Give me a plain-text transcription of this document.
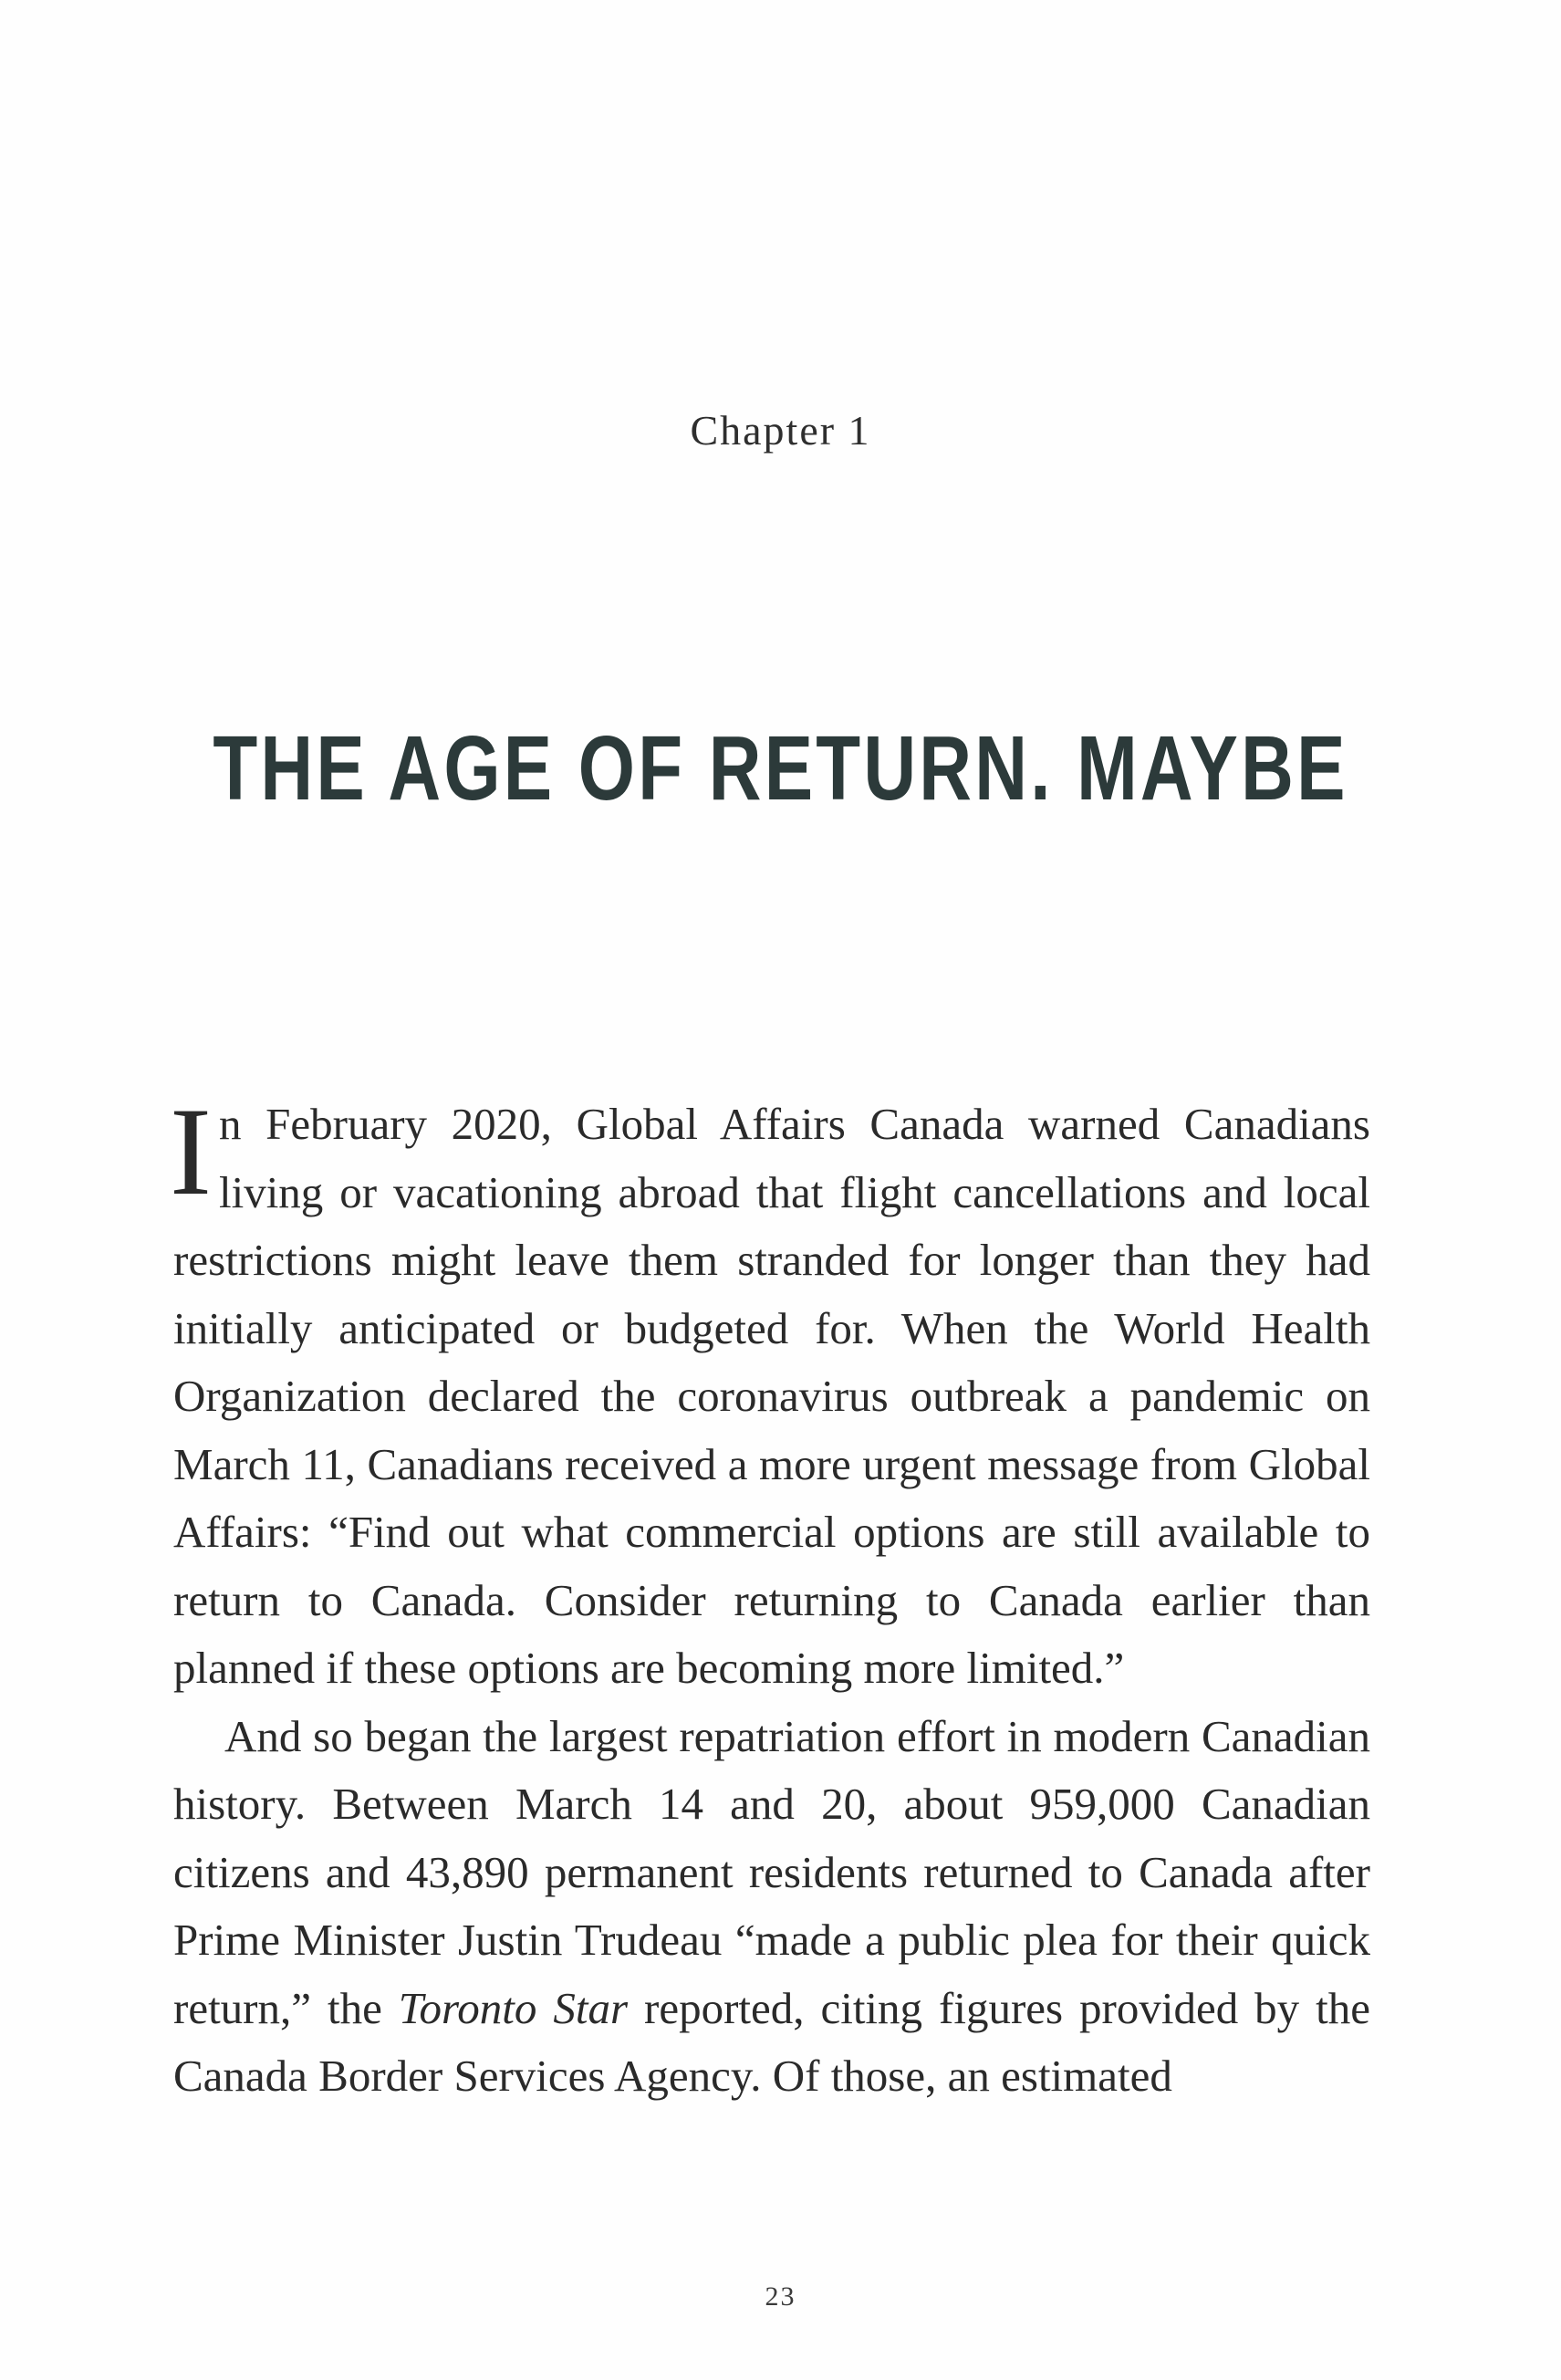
Chapter 1
THE AGE OF RETURN. MAYBE

In February 2020, Global Affairs Canada warned Canadians living or vacationing abroad that flight cancellations and local restrictions might leave them stranded for longer than they had initially anticipated or budgeted for. When the World Health Organization declared the coronavirus outbreak a pandemic on March 11, Canadians received a more urgent message from Global Affairs: “Find out what commercial options are still available to return to Canada. Consider returning to Canada earlier than planned if these options are becoming more limited.”

And so began the largest repatriation effort in modern Canadian history. Between March 14 and 20, about 959,000 Canadian citizens and 43,890 permanent residents returned to Canada after Prime Minister Justin Trudeau “made a public plea for their quick return,” the Toronto Star reported, citing figures provided by the Canada Border Services Agency. Of those, an estimated

23
